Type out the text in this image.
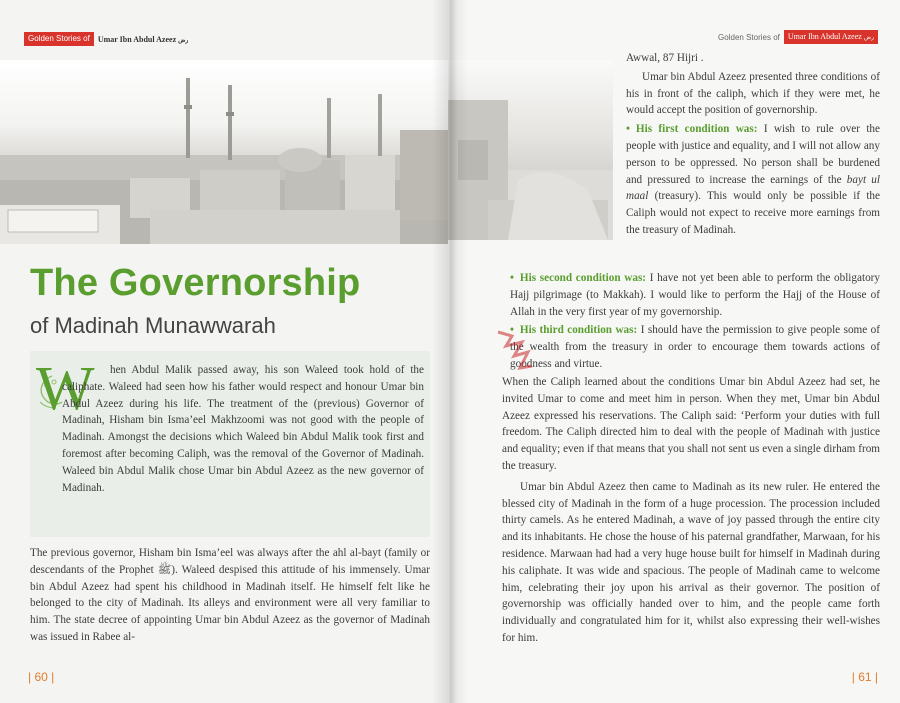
Golden Stories of	Umar Ibn Abdul Azeez رض
The Governorship
of Madinah Munawwarah
W	hen Abdul Malik passed away, his son Waleed took hold of the caliphate. Waleed had seen how his father would respect and honour Umar bin Abdul Azeez during his life. The treatment of the (previous) Governor of Madinah, Hisham bin Isma’eel Makhzoomi was not good with the people of Madinah. Amongst the decisions which Waleed bin Abdul Malik took first and foremost after becoming Caliph, was the removal of the Governor of Madinah. Waleed bin Abdul Malik chose Umar bin Abdul Azeez as the new governor of Madinah.

The previous governor, Hisham bin Isma’eel was always after the ahl al-bayt (family or descendants of the Prophet ﷺ). Waleed despised this attitude of his immensely. Umar bin Abdul Azeez had spent his childhood in Madinah itself. He himself felt like he belonged to the city of Madinah. Its alleys and environment were all very familiar to him. The state decree of appointing Umar bin Abdul Azeez as the governor of Madinah was issued in Rabee al-
| 60 |
Golden Stories of	Umar Ibn Abdul Azeez رض

Awwal, 87 Hijri .

Umar bin Abdul Azeez presented three conditions of his in front of the caliph, which if they were met, he would accept the position of governorship.

• His first condition was: I wish to rule over the people with justice and equality, and I will not allow any person to be oppressed. No person shall be burdened and pressured to increase the earnings of the bayt ul maal (treasury). This would only be possible if the Caliph would not expect to receive more earnings from the treasury of Madinah.

• His second condition was: I have not yet been able to perform the obligatory Hajj pilgrimage (to Makkah). I would like to perform the Hajj of the House of Allah in the very first year of my governorship.

• His third condition was: I should have the permission to give people some of the wealth from the treasury in order to encourage them towards actions of goodness and virtue.

When the Caliph learned about the conditions Umar bin Abdul Azeez had set, he invited Umar to come and meet him in person. When they met, Umar bin Abdul Azeez expressed his reservations. The Caliph said: ‘Perform your duties with full freedom. The Caliph directed him to deal with the people of Madinah with justice and equality; even if that means that you shall not sent us even a single dirham from the treasury.

Umar bin Abdul Azeez then came to Madinah as its new ruler. He entered the blessed city of Madinah in the form of a huge procession. The procession included thirty camels. As he entered Madinah, a wave of joy passed through the entire city and its inhabitants. He chose the house of his paternal grandfather, Marwaan, for his residence. Marwaan had had a very huge house built for himself in Madinah during his caliphate. It was wide and spacious. The people of Madinah came to welcome him, celebrating their joy upon his arrival as their governor. The position of governorship was officially handed over to him, and the people came forth individually and congratulated him for it, whilst also expressing their well-wishes for him.

| 61 |
